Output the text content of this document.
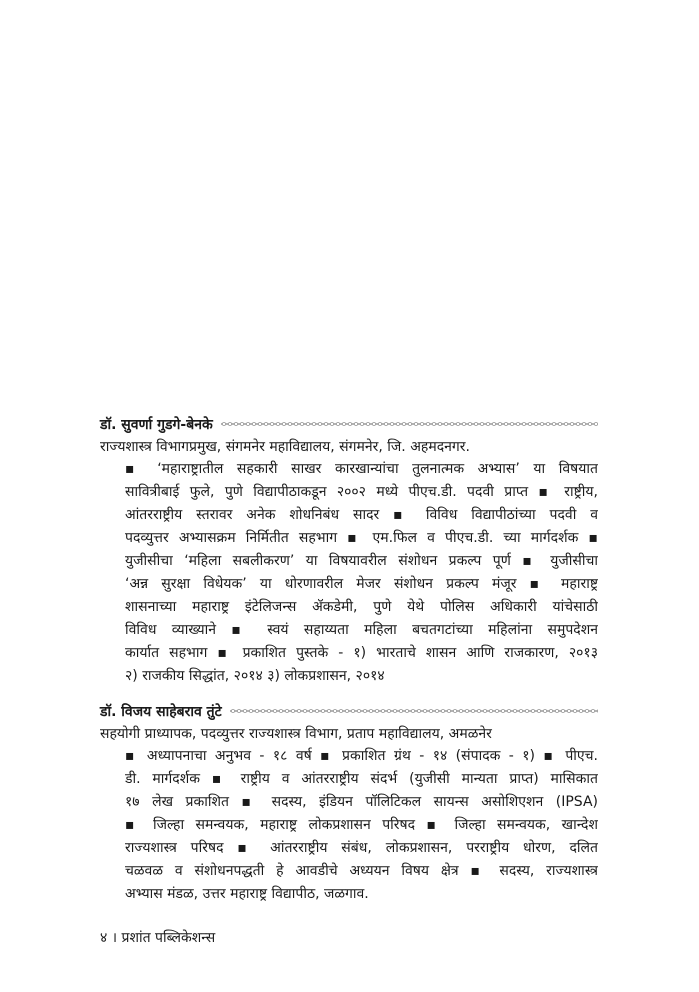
डॉ. सुवर्णा गुडगे-बेनके
राज्यशास्त्र विभागप्रमुख, संगमनेर महाविद्यालय, संगमनेर, जि. अहमदनगर.
▪ ‘महाराष्ट्रातील सहकारी साखर कारखान्यांचा तुलनात्मक अभ्यास’ या विषयात
सावित्रीबाई फुले, पुणे विद्यापीठाकडून २००२ मध्ये पीएच.डी. पदवी प्राप्त ▪ राष्ट्रीय,
आंतरराष्ट्रीय स्तरावर अनेक शोधनिबंध सादर ▪ विविध विद्यापीठांच्या पदवी व
पदव्युत्तर अभ्यासक्रम निर्मितीत सहभाग ▪ एम.फिल व पीएच.डी. च्या मार्गदर्शक ▪
युजीसीचा ‘महिला सबलीकरण’ या विषयावरील संशोधन प्रकल्प पूर्ण ▪ युजीसीचा
‘अन्न सुरक्षा विधेयक’ या धोरणावरील मेजर संशोधन प्रकल्प मंजूर ▪ महाराष्ट्र
शासनाच्या महाराष्ट्र इंटेलिजन्स ॲकडेमी, पुणे येथे पोलिस अधिकारी यांचेसाठी
विविध व्याख्याने ▪ स्वयं सहाय्यता महिला बचतगटांच्या महिलांना समुपदेशन
कार्यात सहभाग ▪ प्रकाशित पुस्तके - १) भारताचे शासन आणि राजकारण, २०१३
२) राजकीय सिद्धांत, २०१४ ३) लोकप्रशासन, २०१४
डॉ. विजय साहेबराव तुंटे
सहयोगी प्राध्यापक, पदव्युत्तर राज्यशास्त्र विभाग, प्रताप महाविद्यालय, अमळनेर
▪ अध्यापनाचा अनुभव - १८ वर्ष ▪ प्रकाशित ग्रंथ - १४ (संपादक - १) ▪ पीएच.
डी. मार्गदर्शक ▪ राष्ट्रीय व आंतरराष्ट्रीय संदर्भ (युजीसी मान्यता प्राप्त) मासिकात
१७ लेख प्रकाशित ▪ सदस्य, इंडियन पॉलिटिकल सायन्स असोशिएशन (IPSA)
▪ जिल्हा समन्वयक, महाराष्ट्र लोकप्रशासन परिषद ▪ जिल्हा समन्वयक, खान्देश
राज्यशास्त्र परिषद ▪ आंतरराष्ट्रीय संबंध, लोकप्रशासन, परराष्ट्रीय धोरण, दलित
चळवळ व संशोधनपद्धती हे आवडीचे अध्ययन विषय क्षेत्र ▪ सदस्य, राज्यशास्त्र
अभ्यास मंडळ, उत्तर महाराष्ट्र विद्यापीठ, जळगाव.
४ । प्रशांत पब्लिकेशन्स
